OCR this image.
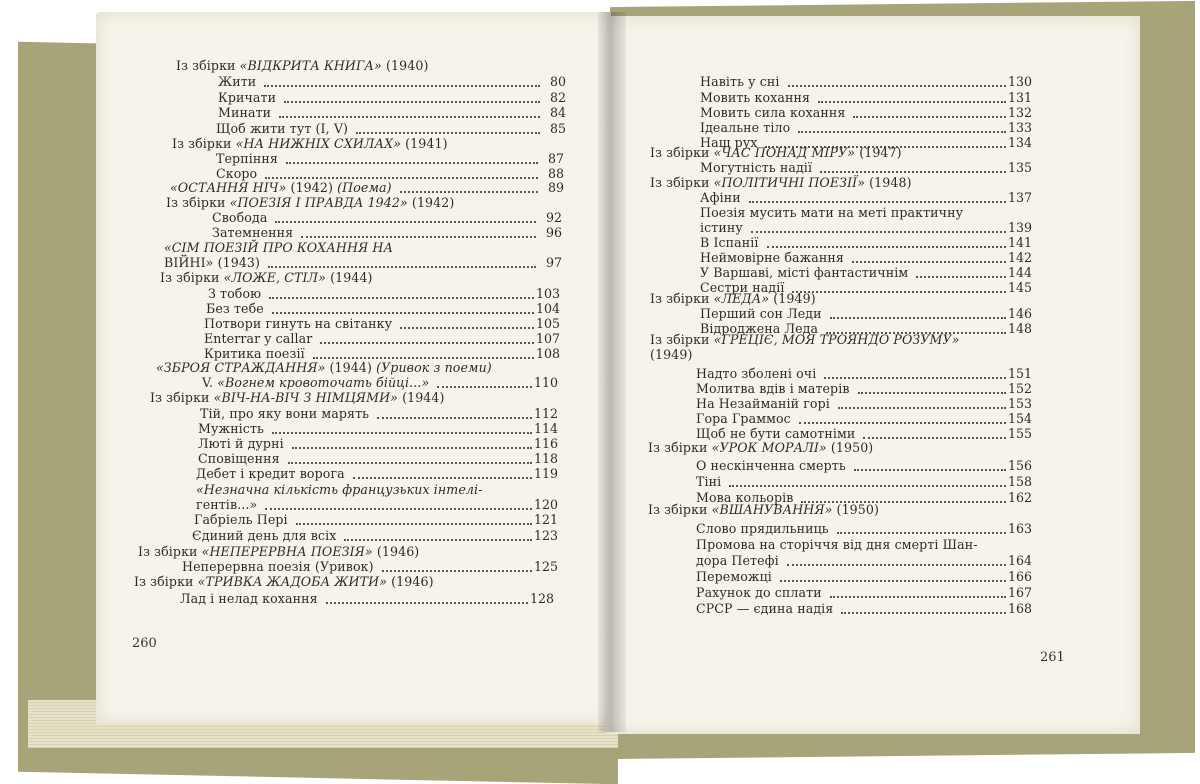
Із збірки «ВІДКРИТА КНИГА» (1940)
Жити	80
Кричати	82
Минати	84
Щоб жити тут (I, V)	85
Із збірки «НА НИЖНІХ СХИЛАХ» (1941)
Терпіння	87
Скоро	88
«ОСТАННЯ НІЧ» (1942) (Поема)	89
Із збірки «ПОЕЗІЯ І ПРАВДА 1942» (1942)
Свобода	92
Затемнення	96
«СІМ ПОЕЗІЙ ПРО КОХАННЯ НА
ВІЙНІ» (1943)	97
Із збірки «ЛОЖЕ, СТІЛ» (1944)
З тобою	103
Без тебе	104
Потвори гинуть на світанку	105
Enterrar y callar	107
Критика поезії	108
«ЗБРОЯ СТРАЖДАННЯ» (1944) (Уривок з поеми)
V. «Вогнем кровоточать бійці...»	110
Із збірки «ВІЧ-НА-ВІЧ З НІМЦЯМИ» (1944)
Тій, про яку вони марять	112
Мужність	114
Люті й дурні	116
Сповіщення	118
Дебет і кредит ворога	119
«Незначна кількість французьких інтелі-
гентів...»	120
Габріель Пері	121
Єдиний день для всіх	123
Із збірки «НЕПЕРЕРВНА ПОЕЗІЯ» (1946)
Неперервна поезія (Уривок)	125
Із збірки «ТРИВКА ЖАДОБА ЖИТИ» (1946)
Лад і нелад кохання	128
Навіть у сні	130
Мовить кохання	131
Мовить сила кохання	132
Ідеальне тіло	133
Наш рух	134
Із збірки «ЧАС ПОНАД МІРУ» (1947)
Могутність надії	135
Із збірки «ПОЛІТИЧНІ ПОЕЗІЇ» (1948)
Афіни	137
Поезія мусить мати на меті практичну
істину	139
В Іспанії	141
Неймовірне бажання	142
У Варшаві, місті фантастичнім	144
Сестри надії	145
Із збірки «ЛЕДА» (1949)
Перший сон Леди	146
Відроджена Леда	148
Із збірки «ГРЕЦІЄ, МОЯ ТРОЯНДО РОЗУМУ»
(1949)
Надто зболені очі	151
Молитва вдів і матерів	152
На Незайманій горі	153
Гора Граммос	154
Щоб не бути самотніми	155
Із збірки «УРОК МОРАЛІ» (1950)
О нескінченна смерть	156
Тіні	158
Мова кольорів	162
Із збірки «ВШАНУВАННЯ» (1950)
Слово прядильниць	163
Промова на сторіччя від дня смерті Шан-
дора Петефі	164
Переможці	166
Рахунок до сплати	167
СРСР — єдина надія	168
260
261
